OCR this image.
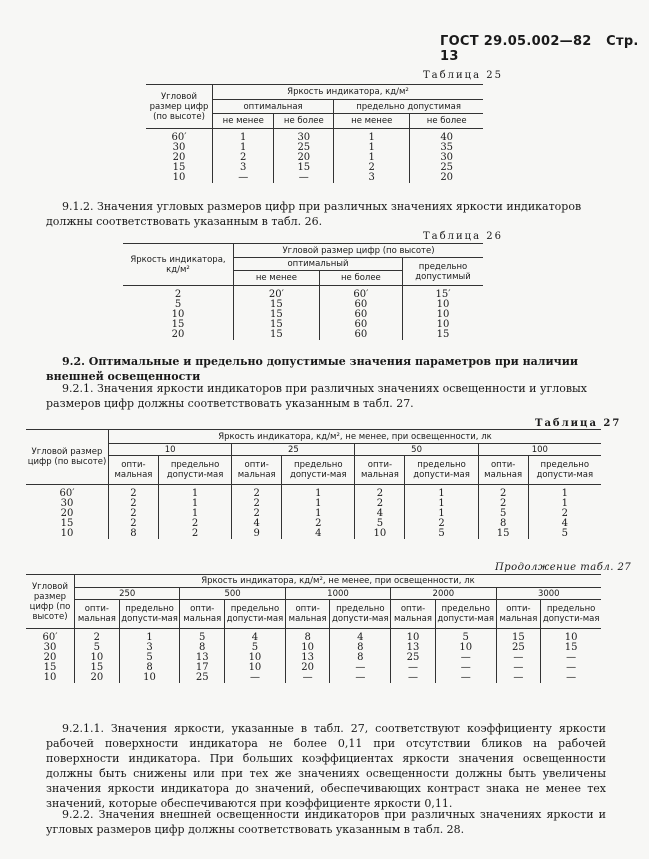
ГОСТ 29.05.002—82 Стр. 13
Таблица 25
Угловой размер цифр (по высоте)	Яркость индикатора, кд/м²			
	оптимальная		предельно допустимая	
	не менее	не более	не менее	не более

60′	1	30	1	40
30	1	25	1	35
20	2	20	1	30
15	3	15	2	25
10	—	—	3	20
9.1.2. Значения угловых размеров цифр при различных значениях яркости индикаторов должны соответствовать указанным в табл. 26.
Таблица 26
Яркость индикатора, кд/м²	Угловой размер цифр (по высоте)		
	оптимальный		предельно допустимый
	не менее	не более	

2	20′	60′	15′
5	15	60	10
10	15	60	10
15	15	60	10
20	15	60	15
9.2. Оптимальные и предельно допустимые значения параметров при наличии внешней освещенности
9.2.1. Значения яркости индикаторов при различных значениях освещенности и угловых размеров цифр должны соответствовать указанным в табл. 27.
Таблица 27
Угловой размер цифр (по высоте)	Яркость индикатора, кд/м², не менее, при освещенности, лк							
	10		25		50		100	
	опти-мальная	предельно допусти-мая	опти-мальная	предельно допусти-мая	опти-мальная	предельно допусти-мая	опти-мальная	предельно допусти-мая

60′	2	1	2	1	2	1	2	1
30	2	1	2	1	2	1	2	1
20	2	1	2	1	4	1	5	2
15	2	2	4	2	5	2	8	4
10	8	2	9	4	10	5	15	5
Продолжение табл. 27
Угловой размер цифр (по высоте)	Яркость индикатора, кд/м², не менее, при освещенности, лк									
	250		500		1000		2000		3000	
	опти-мальная	предельно допусти-мая	опти-мальная	предельно допусти-мая	опти-мальная	предельно допусти-мая	опти-мальная	предельно допусти-мая	опти-мальная	предельно допусти-мая

60′	2	1	5	4	8	4	10	5	15	10
30	5	3	8	5	10	8	13	10	25	15
20	10	5	13	10	13	8	25	—	—	—
15	15	8	17	10	20	—	—	—	—	—
10	20	10	25	—	—	—	—	—	—	—
9.2.1.1. Значения яркости, указанные в табл. 27, соответствуют коэффициенту яркости рабочей поверхности индикатора не более 0,11 при отсутствии бликов на рабочей поверхности индикатора. При больших коэффициентах яркости значения освещенности должны быть снижены или при тех же значениях освещенности должны быть увеличены значения яркости индикатора до значений, обеспечивающих контраст знака не менее тех значений, которые обеспечиваются при коэффициенте яркости 0,11.
9.2.2. Значения внешней освещенности индикаторов при различных значениях яркости и угловых размеров цифр должны соответствовать указанным в табл. 28.
